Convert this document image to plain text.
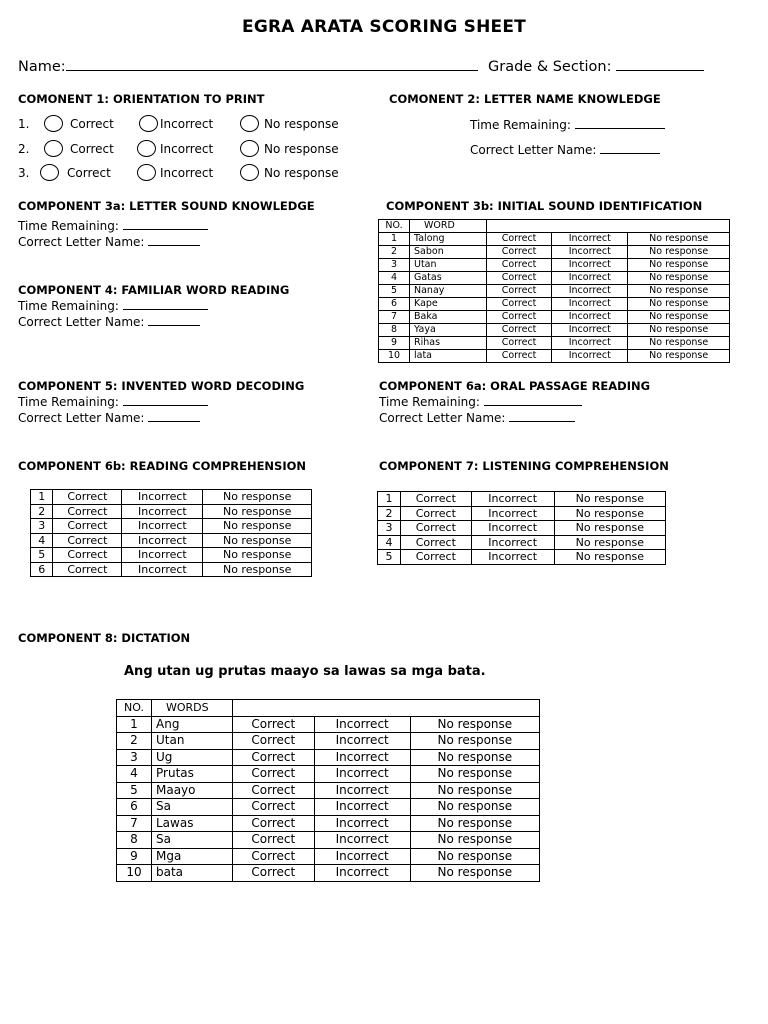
EGRA ARATA SCORING SHEET
Name:	Grade & Section:
COMONENT 1: ORIENTATION TO PRINT
1.	Correct	Incorrect	No response
2.	Correct	Incorrect	No response
3.	Correct	Incorrect	No response
COMONENT 2: LETTER NAME KNOWLEDGE
Time Remaining:
Correct Letter Name:
COMPONENT 3a: LETTER SOUND KNOWLEDGE
Time Remaining:
Correct Letter Name:
COMPONENT 3b: INITIAL SOUND IDENTIFICATION
NO.	WORD			
1	Talong	Correct	Incorrect	No response
2	Sabon	Correct	Incorrect	No response
3	Utan	Correct	Incorrect	No response
4	Gatas	Correct	Incorrect	No response
5	Nanay	Correct	Incorrect	No response
6	Kape	Correct	Incorrect	No response
7	Baka	Correct	Incorrect	No response
8	Yaya	Correct	Incorrect	No response
9	Rihas	Correct	Incorrect	No response
10	lata	Correct	Incorrect	No response
COMPONENT 4: FAMILIAR WORD READING
Time Remaining:
Correct Letter Name:
COMPONENT 5: INVENTED WORD DECODING
Time Remaining:
Correct Letter Name:
COMPONENT 6a: ORAL PASSAGE READING
Time Remaining:
Correct Letter Name:
COMPONENT 6b: READING COMPREHENSION
1	Correct	Incorrect	No response
2	Correct	Incorrect	No response
3	Correct	Incorrect	No response
4	Correct	Incorrect	No response
5	Correct	Incorrect	No response
6	Correct	Incorrect	No response
COMPONENT 7: LISTENING COMPREHENSION
1	Correct	Incorrect	No response
2	Correct	Incorrect	No response
3	Correct	Incorrect	No response
4	Correct	Incorrect	No response
5	Correct	Incorrect	No response
COMPONENT 8: DICTATION
Ang utan ug prutas maayo sa lawas sa mga bata.
NO.	WORDS			
1	Ang	Correct	Incorrect	No response
2	Utan	Correct	Incorrect	No response
3	Ug	Correct	Incorrect	No response
4	Prutas	Correct	Incorrect	No response
5	Maayo	Correct	Incorrect	No response
6	Sa	Correct	Incorrect	No response
7	Lawas	Correct	Incorrect	No response
8	Sa	Correct	Incorrect	No response
9	Mga	Correct	Incorrect	No response
10	bata	Correct	Incorrect	No response
